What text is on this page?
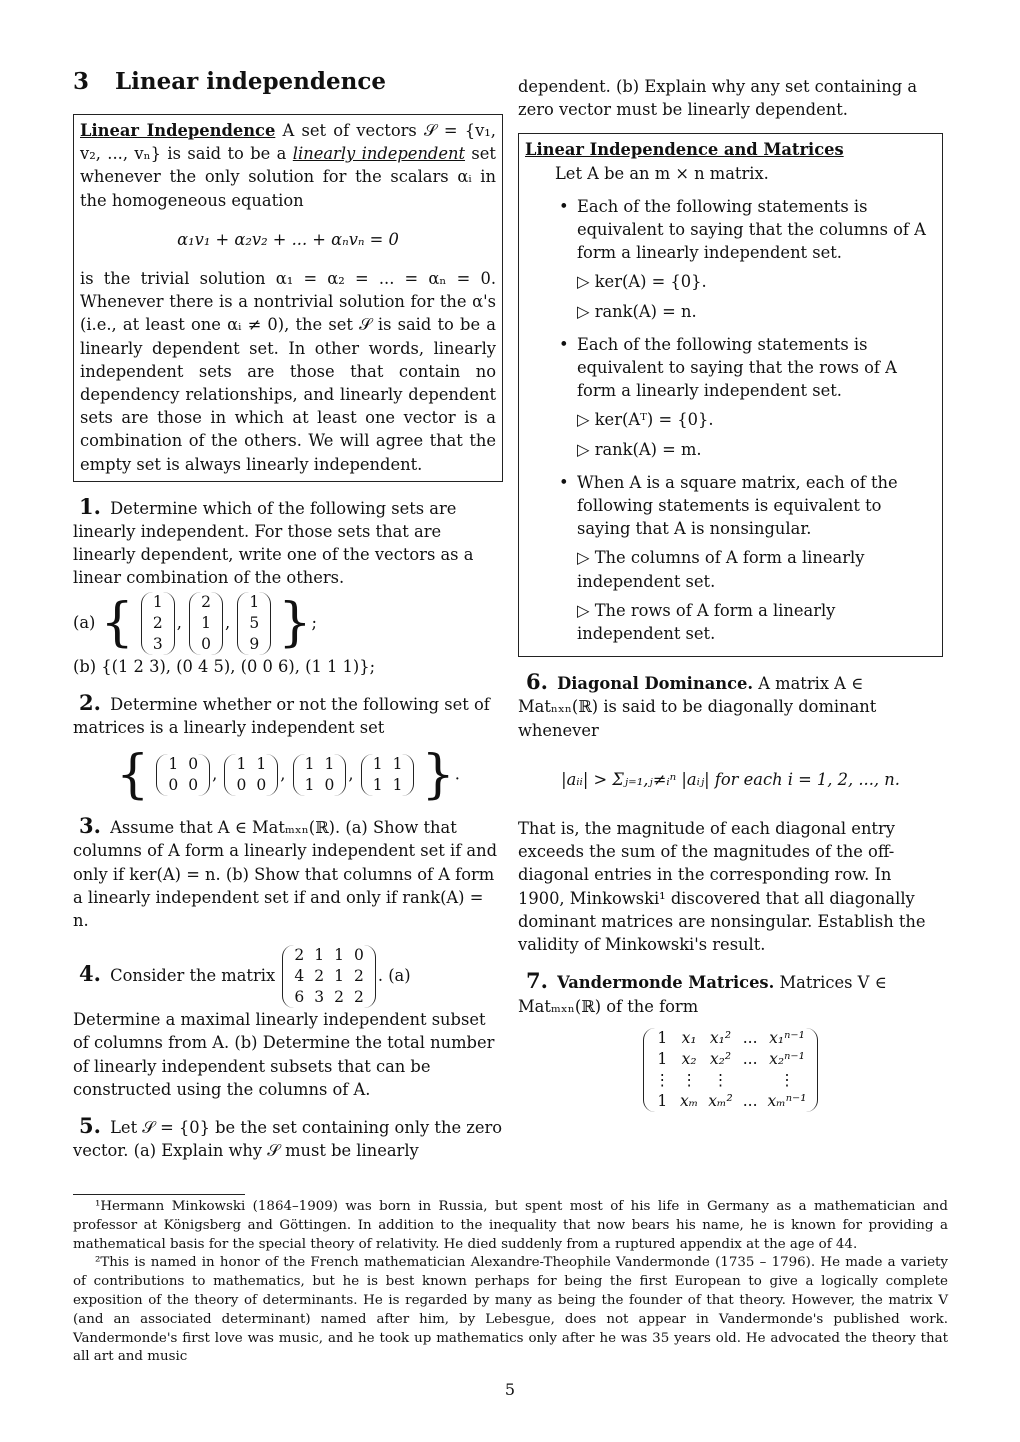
3 Linear independence
Linear Independence A set of vectors 𝒮 = {v₁, v₂, ..., vₙ} is said to be a linearly independent set whenever the only solution for the scalars αᵢ in the homogeneous equation
α₁v₁ + α₂v₂ + ... + αₙvₙ = 0
is the trivial solution α₁ = α₂ = ... = αₙ = 0. Whenever there is a nontrivial solution for the α's (i.e., at least one αᵢ ≠ 0), the set 𝒮 is said to be a linearly dependent set. In other words, linearly independent sets are those that contain no dependency relationships, and linearly dependent sets are those in which at least one vector is a combination of the others. We will agree that the empty set is always linearly independent.
1. Determine which of the following sets are linearly independent. For those sets that are linearly dependent, write one of the vectors as a linear combination of the others.
(a) { 1
2
3
,
2
1
0
,
1
5
9 };
(b) {(1 2 3), (0 4 5), (0 0 6), (1 1 1)};
2. Determine whether or not the following set of matrices is a linearly independent set
{ 1	0
0	0
,
1	1
0	0
,
1	1
1	0
,
1	1
1	1 }.
3. Assume that A ∈ Matₘₓₙ(ℝ). (a) Show that columns of A form a linearly independent set if and only if ker(A) = n. (b) Show that columns of A form a linearly independent set if and only if rank(A) = n.
4. Consider the matrix
2	1	1	0
4	2	1	2
6	3	2	2
. (a)
Determine a maximal linearly independent subset of columns from A. (b) Determine the total number of linearly independent subsets that can be constructed using the columns of A.
5. Let 𝒮 = {0} be the set containing only the zero vector. (a) Explain why 𝒮 must be linearly
dependent. (b) Explain why any set containing a zero vector must be linearly dependent.
Linear Independence and Matrices
Let A be an m × n matrix.
• Each of the following statements is equivalent to saying that the columns of A form a linearly independent set.
▷ ker(A) = {0}.
▷ rank(A) = n.
• Each of the following statements is equivalent to saying that the rows of A form a linearly independent set.
▷ ker(Aᵀ) = {0}.
▷ rank(A) = m.
• When A is a square matrix, each of the following statements is equivalent to saying that A is nonsingular.
▷ The columns of A form a linearly independent set.
▷ The rows of A form a linearly independent set.
6. Diagonal Dominance. A matrix A ∈ Matₙₓₙ(ℝ) is said to be diagonally dominant whenever
|aᵢᵢ| > Σⱼ₌₁,ⱼ≠ᵢⁿ |aᵢⱼ| for each i = 1, 2, ..., n.
That is, the magnitude of each diagonal entry exceeds the sum of the magnitudes of the off-diagonal entries in the corresponding row. In 1900, Minkowski¹ discovered that all diagonally dominant matrices are nonsingular. Establish the validity of Minkowski's result.
7. Vandermonde Matrices. Matrices V ∈ Matₘₓₙ(ℝ) of the form
1	x₁	x₁²	...	x₁ⁿ⁻¹
1	x₂	x₂²	...	x₂ⁿ⁻¹
⋮	⋮	⋮		⋮
1	xₘ	xₘ²	...	xₘⁿ⁻¹

¹Hermann Minkowski (1864–1909) was born in Russia, but spent most of his life in Germany as a mathematician and professor at Königsberg and Göttingen. In addition to the inequality that now bears his name, he is known for providing a mathematical basis for the special theory of relativity. He died suddenly from a ruptured appendix at the age of 44.

²This is named in honor of the French mathematician Alexandre-Theophile Vandermonde (1735 – 1796). He made a variety of contributions to mathematics, but he is best known perhaps for being the first European to give a logically complete exposition of the theory of determinants. He is regarded by many as being the founder of that theory. However, the matrix V (and an associated determinant) named after him, by Lebesgue, does not appear in Vandermonde's published work. Vandermonde's first love was music, and he took up mathematics only after he was 35 years old. He advocated the theory that all art and music

5
